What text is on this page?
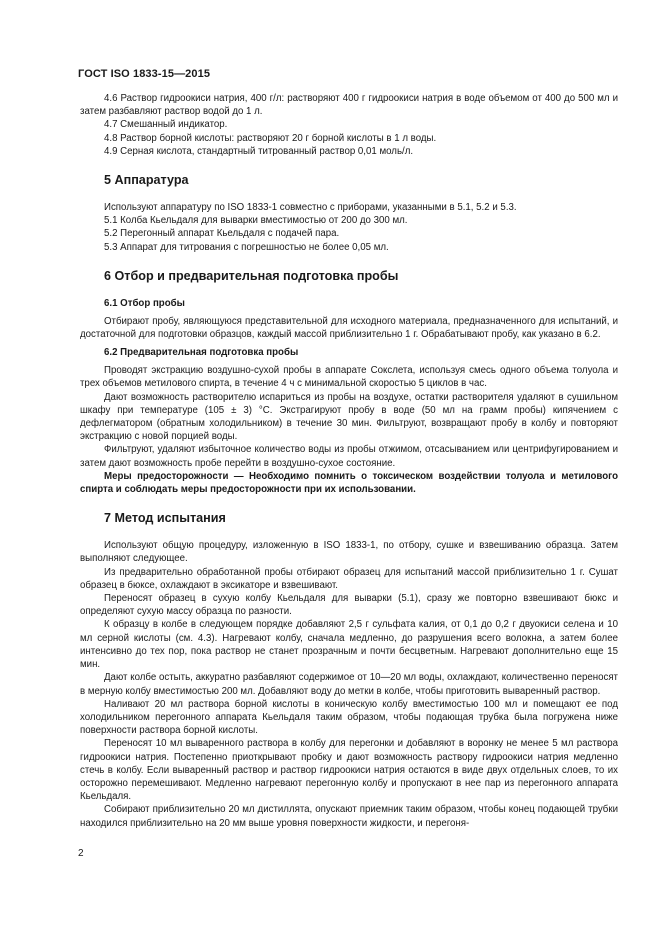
ГОСТ ISO 1833-15—2015

4.6 Раствор гидроокиси натрия, 400 г/л: растворяют 400 г гидроокиси натрия в воде объемом от 400 до 500 мл и затем разбавляют раствор водой до 1 л.

4.7 Смешанный индикатор.

4.8 Раствор борной кислоты: растворяют 20 г борной кислоты в 1 л воды.

4.9 Серная кислота, стандартный титрованный раствор 0,01 моль/л.

5 Аппаратура

Используют аппаратуру по ISO 1833-1 совместно с приборами, указанными в 5.1, 5.2 и 5.3.

5.1 Колба Кьельдаля для выварки вместимостью от 200 до 300 мл.

5.2 Перегонный аппарат Кьельдаля с подачей пара.

5.3 Аппарат для титрования с погрешностью не более 0,05 мл.

6 Отбор и предварительная подготовка пробы
6.1 Отбор пробы

Отбирают пробу, являющуюся представительной для исходного материала, предназначенного для испытаний, и достаточной для подготовки образцов, каждый массой приблизительно 1 г. Обрабатывают пробу, как указано в 6.2.

6.2 Предварительная подготовка пробы

Проводят экстракцию воздушно-сухой пробы в аппарате Сокслета, используя смесь одного объема толуола и трех объемов метилового спирта, в течение 4 ч с минимальной скоростью 5 циклов в час.

Дают возможность растворителю испариться из пробы на воздухе, остатки растворителя удаляют в сушильном шкафу при температуре (105 ± 3) °С. Экстрагируют пробу в воде (50 мл на грамм пробы) кипячением с дефлегматором (обратным холодильником) в течение 30 мин. Фильтруют, возвращают пробу в колбу и повторяют экстракцию с новой порцией воды.

Фильтруют, удаляют избыточное количество воды из пробы отжимом, отсасыванием или центрифугированием и затем дают возможность пробе перейти в воздушно-сухое состояние.

Меры предосторожности — Необходимо помнить о токсическом воздействии толуола и метилового спирта и соблюдать меры предосторожности при их использовании.

7 Метод испытания

Используют общую процедуру, изложенную в ISO 1833-1, по отбору, сушке и взвешиванию образца. Затем выполняют следующее.

Из предварительно обработанной пробы отбирают образец для испытаний массой приблизительно 1 г. Сушат образец в бюксе, охлаждают в эксикаторе и взвешивают.

Переносят образец в сухую колбу Кьельдаля для выварки (5.1), сразу же повторно взвешивают бюкс и определяют сухую массу образца по разности.

К образцу в колбе в следующем порядке добавляют 2,5 г сульфата калия, от 0,1 до 0,2 г двуокиси селена и 10 мл серной кислоты (см. 4.3). Нагревают колбу, сначала медленно, до разрушения всего волокна, а затем более интенсивно до тех пор, пока раствор не станет прозрачным и почти бесцветным. Нагревают дополнительно еще 15 мин.

Дают колбе остыть, аккуратно разбавляют содержимое от 10—20 мл воды, охлаждают, количественно переносят в мерную колбу вместимостью 200 мл. Добавляют воду до метки в колбе, чтобы приготовить вываренный раствор.

Наливают 20 мл раствора борной кислоты в коническую колбу вместимостью 100 мл и помещают ее под холодильником перегонного аппарата Кьельдаля таким образом, чтобы подающая трубка была погружена ниже поверхности раствора борной кислоты.

Переносят 10 мл вываренного раствора в колбу для перегонки и добавляют в воронку не менее 5 мл раствора гидроокиси натрия. Постепенно приоткрывают пробку и дают возможность раствору гидроокиси натрия медленно стечь в колбу. Если вываренный раствор и раствор гидроокиси натрия остаются в виде двух отдельных слоев, то их осторожно перемешивают. Медленно нагревают перегонную колбу и пропускают в нее пар из перегонного аппарата Кьельдаля.

Собирают приблизительно 20 мл дистиллята, опускают приемник таким образом, чтобы конец подающей трубки находился приблизительно на 20 мм выше уровня поверхности жидкости, и перегоня-

2
